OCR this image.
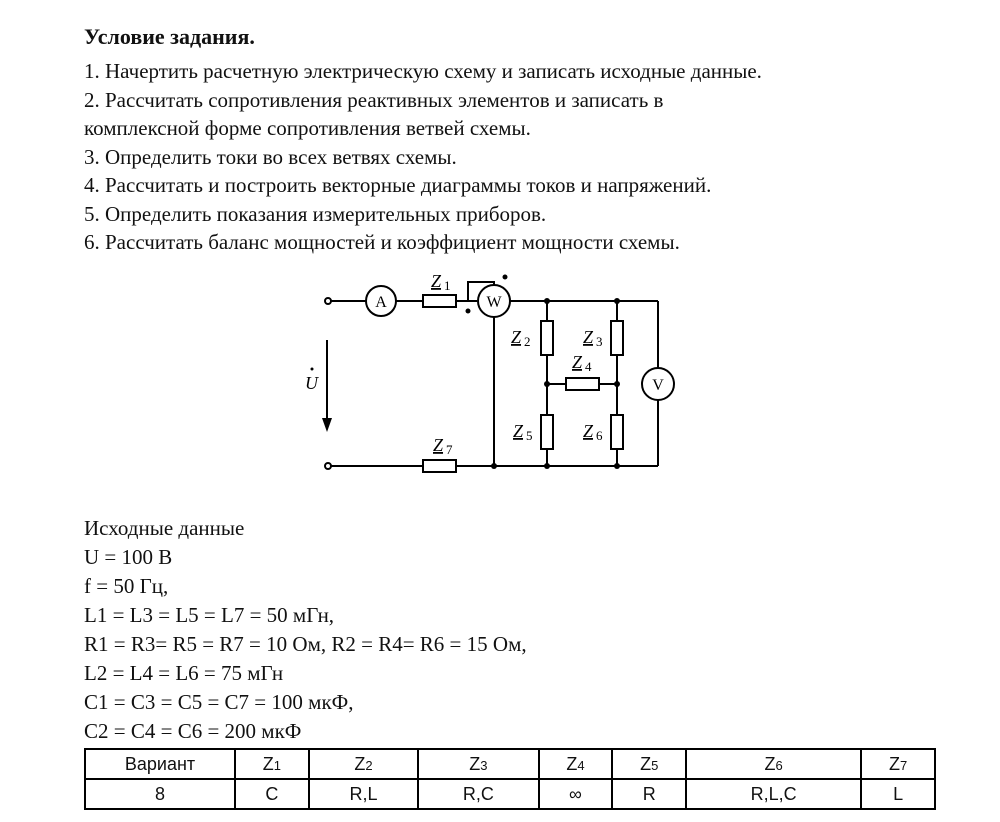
Условие задания.
1. Начертить расчетную электрическую схему и записать исходные данные.
2. Рассчитать сопротивления реактивных элементов и записать в
комплексной форме сопротивления ветвей схемы.
3. Определить токи во всех ветвях схемы.
4. Рассчитать и построить векторные диаграммы токов и напряжений.
5. Определить показания измерительных приборов.
6. Рассчитать баланс мощностей и коэффициент мощности схемы.
A	W
V
U
Z 1
Z 2	Z 3
Z 4
Z 5	Z 6
Z 7
Исходные данные
U = 100 В
f = 50 Гц,
L1 = L3 = L5 = L7 = 50 мГн,
R1 = R3= R5 = R7 = 10 Ом, R2 = R4= R6 = 15 Ом,
L2 = L4 = L6 = 75 мГн
C1 = C3 = C5 = C7 = 100 мкФ,
C2 = C4 = C6 = 200 мкФ
Вариант	Z1	Z2	Z3	Z4	Z5	Z6	Z7
8	C	R,L	R,C	∞	R	R,L,C	L
